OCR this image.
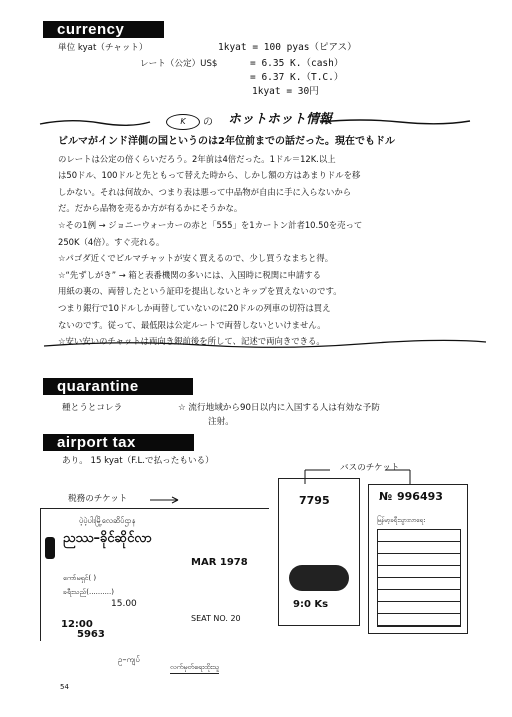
currency
単位 kyat（チャット）	1kyat = 100 pyas（ピアス）
レート（公定）US$	= 6.35 K.（cash）
= 6.37 K.（T.C.）
1kyat = 30円
K	の ホットホット情報
ビルマがインド洋側の国というのは2年位前までの話だった。現在でもドル
のレートは公定の倍くらいだろう。2年前は4倍だった。1ドル＝12K.以上
は50ドル、100ドルと先ともって替えた時から、しかし額の方はあまりドルを移
しかない。それは何故か、つまり表は悪って中品物が自由に手に入らないから
だ。だから品物を売るか方が有るかにそうかな。
☆その1例 → ジョニーウォーカーの赤と「555」を1カートン計者10.50を売って
250K（4倍）。すぐ売れる。
☆パゴダ近くでビルマチャットが安く買えるので、少し買うなまちと得。
☆“先ずしがき” → 箱と表番機関の多いには、入国時に税関に申請する
用紙の裏の、両替したという証印を提出しないとキップを買えないのです。
つまり銀行で10ドルしか両替していないのに20ドルの列車の切符は買え
ないのです。従って、最低限は公定ルートで両替しないといけません。
☆安い安いのチャットは両向き銀前後を所して、記述で両向きできる。
quarantine
種とうとコレラ	☆ 流行地域から90日以内に入国する人は有効な予防
注射。
airport tax
あり。 15 kyat（F.L.で払ったもいる）
バスのチケット
税務のチケット
ပဲ့ပဲ့ပါးမြို့လေဆိပ်ဌာန
ညဿ–ခိုင်ဆိုင်လာ
MAR 1978
ကော်မရှင်( )
ခရီးသည်(..........)
15.00
SEAT NO. 20
12:00
5963
ဥ–ကျပ်
လက်မှတ်ရေးထိုးသူ
7795
9:0 Ks
№ 996493
မြန်မာ့ခရီးသွားလာရေး
54
